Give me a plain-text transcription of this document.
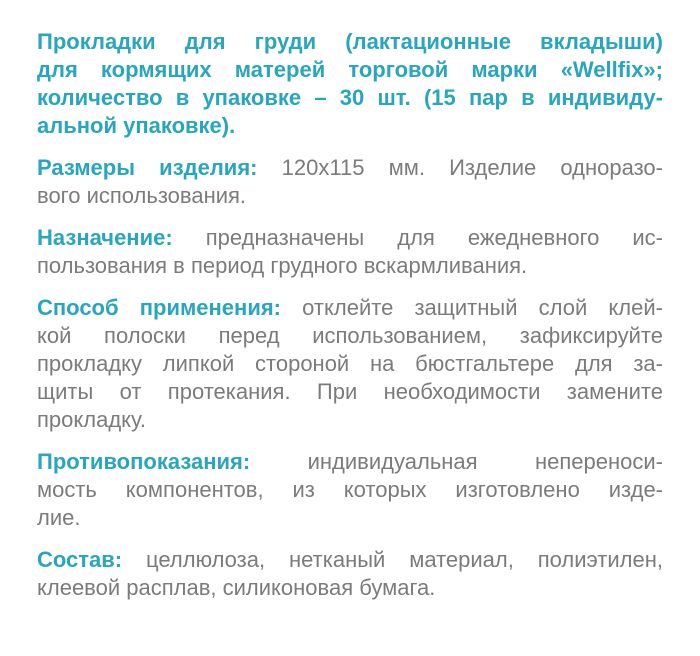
Прокладки для груди (лактационные вкладыши)
для кормящих матерей торговой марки «Wellfix»;
количество в упаковке – 30 шт. (15 пар в индивиду-
альной упаковке).
Размеры изделия: 120х115 мм. Изделие одноразо-
вого использования.
Назначение: предназначены для ежедневного ис-
пользования в период грудного вскармливания.
Способ применения: отклейте защитный слой клей-
кой полоски перед использованием, зафиксируйте
прокладку липкой стороной на бюстгальтере для за-
щиты от протекания. При необходимости замените
прокладку.
Противопоказания: индивидуальная непереноси-
мость компонентов, из которых изготовлено изде-
лие.
Состав: целлюлоза, нетканый материал, полиэтилен,
клеевой расплав, силиконовая бумага.
